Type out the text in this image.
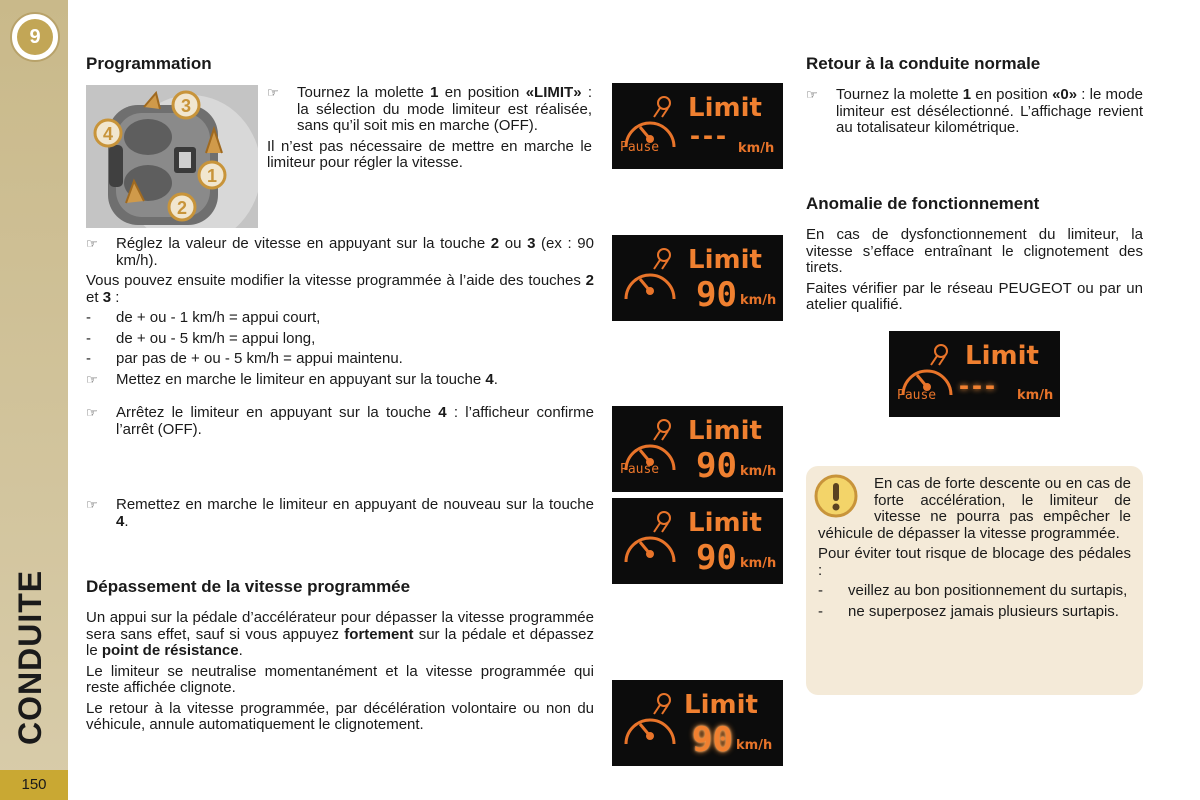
9
CONDUITE
150
Programmation
3
4
1
2

☞ Tournez la molette 1 en position «LIMIT» : la sélection du mode limiteur est réalisée, sans qu’il soit mis en marche (OFF).

Il n’est pas nécessaire de mettre en marche le limiteur pour régler la vitesse.

☞ Réglez la valeur de vitesse en appuyant sur la touche 2 ou 3 (ex : 90 km/h).

Vous pouvez ensuite modifier la vitesse programmée à l’aide des touches 2 et 3 :

- de + ou - 1 km/h = appui court,

- de + ou - 5 km/h = appui long,

- par pas de + ou - 5 km/h = appui maintenu.

☞ Mettez en marche le limiteur en appuyant sur la touche 4.

☞ Arrêtez le limiteur en appuyant sur la touche 4 : l’afficheur confirme l’arrêt (OFF).

☞ Remettez en marche le limiteur en appuyant de nouveau sur la touche 4.

Dépassement de la vitesse programmée

Un appui sur la pédale d’accélérateur pour dépasser la vitesse programmée sera sans effet, sauf si vous appuyez fortement sur la pédale et dépassez le point de résistance.

Le limiteur se neutralise momentanément et la vitesse programmée qui reste affichée clignote.

Le retour à la vitesse programmée, par décélération volontaire ou non du véhicule, annule automatiquement le clignotement.

Limit
Pause --- km/h
Limit
90 km/h
Limit
Pause 90 km/h
Limit
90 km/h
Limit
90 km/h
Retour à la conduite normale

☞ Tournez la molette 1 en position «0» : le mode limiteur est désélectionné. L’affichage revient au totalisateur kilométrique.

Anomalie de fonctionnement

En cas de dysfonctionnement du limiteur, la vitesse s’efface entraînant le clignotement des tirets.

Faites vérifier par le réseau PEUGEOT ou par un atelier qualifié.

Limit
Pause --- km/h

En cas de forte descente ou en cas de forte accélération, le limiteur de vitesse ne pourra pas empêcher le véhicule de dépasser la vitesse programmée.

Pour éviter tout risque de blocage des pédales :

- veillez au bon positionnement du surtapis,

- ne superposez jamais plusieurs surtapis.
